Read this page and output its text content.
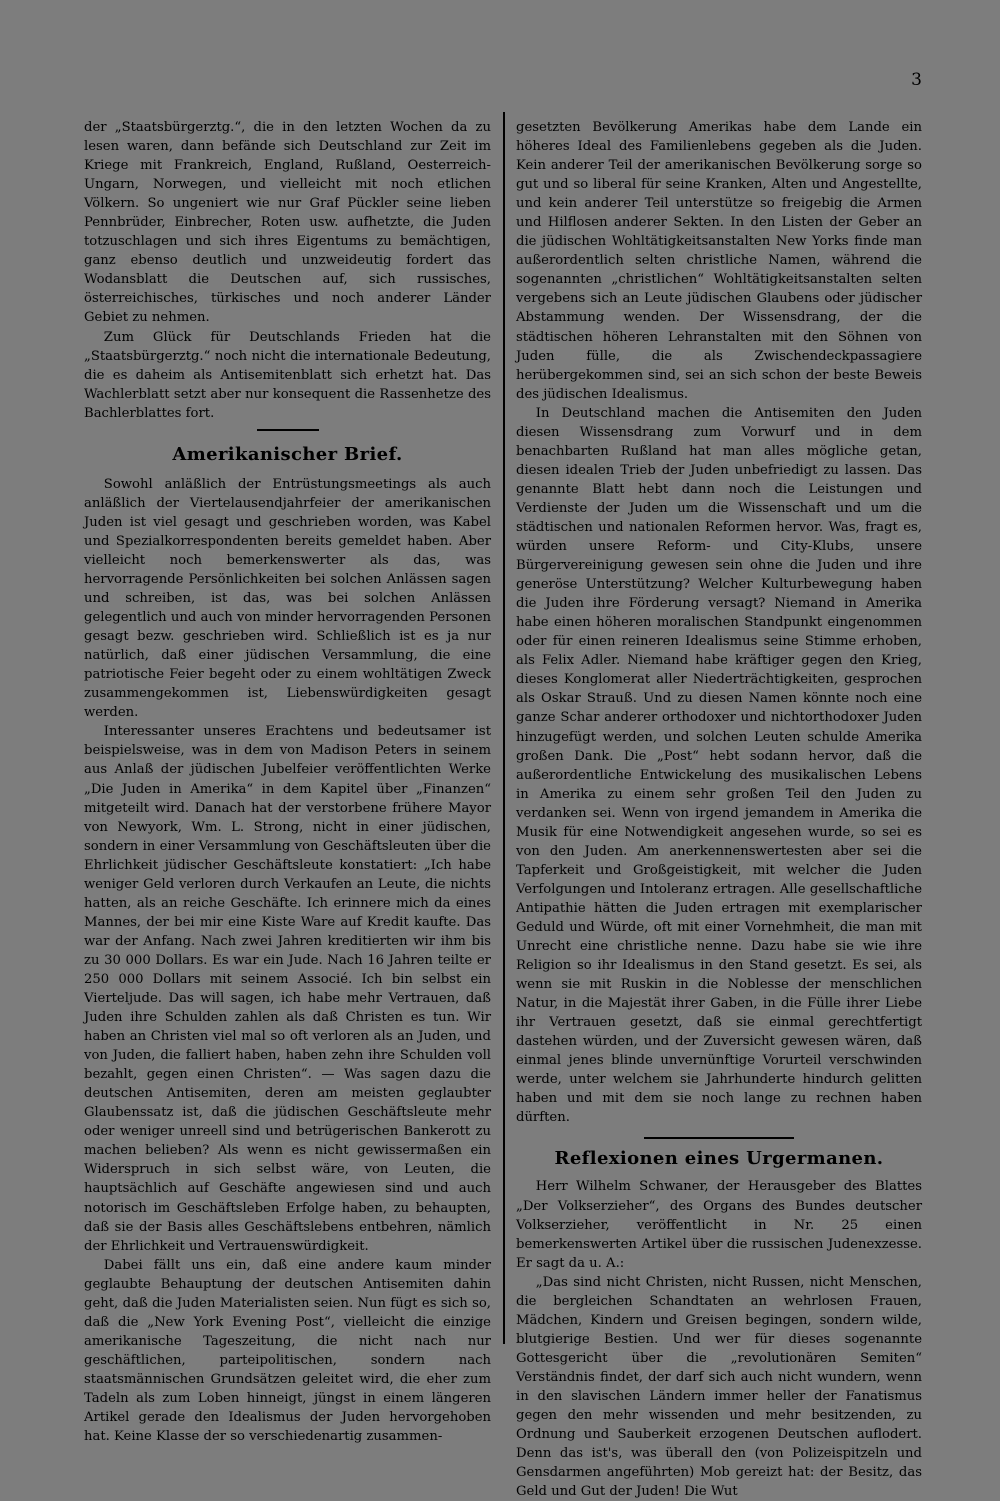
3

der „Staatsbürgerztg.“, die in den letzten Wochen da zu lesen waren, dann befände sich Deutschland zur Zeit im Kriege mit Frankreich, England, Rußland, Oesterreich-Ungarn, Norwegen, und vielleicht mit noch etlichen Völkern. So ungeniert wie nur Graf Pückler seine lieben Pennbrüder, Einbrecher, Roten usw. aufhetzte, die Juden totzuschlagen und sich ihres Eigentums zu bemächtigen, ganz ebenso deutlich und unzweideutig fordert das Wodansblatt die Deutschen auf, sich russisches, österreichisches, türkisches und noch anderer Länder Gebiet zu nehmen.

Zum Glück für Deutschlands Frieden hat die „Staatsbürgerztg.“ noch nicht die internationale Bedeutung, die es daheim als Antisemitenblatt sich erhetzt hat. Das Wachlerblatt setzt aber nur konsequent die Rassenhetze des Bachlerblattes fort.

Amerikanischer Brief.

Sowohl anläßlich der Entrüstungsmeetings als auch anläßlich der Viertelausendjahrfeier der amerikanischen Juden ist viel gesagt und geschrieben worden, was Kabel und Spezialkorrespondenten bereits gemeldet haben. Aber vielleicht noch bemerkenswerter als das, was hervorragende Persönlichkeiten bei solchen Anlässen sagen und schreiben, ist das, was bei solchen Anlässen gelegentlich und auch von minder hervorragenden Personen gesagt bezw. geschrieben wird. Schließlich ist es ja nur natürlich, daß einer jüdischen Versammlung, die eine patriotische Feier begeht oder zu einem wohltätigen Zweck zusammengekommen ist, Liebenswürdigkeiten gesagt werden.

Interessanter unseres Erachtens und bedeutsamer ist beispielsweise, was in dem von Madison Peters in seinem aus Anlaß der jüdischen Jubelfeier veröffentlichten Werke „Die Juden in Amerika“ in dem Kapitel über „Finanzen“ mitgeteilt wird. Danach hat der verstorbene frühere Mayor von Newyork, Wm. L. Strong, nicht in einer jüdischen, sondern in einer Versammlung von Geschäftsleuten über die Ehrlichkeit jüdischer Geschäftsleute konstatiert: „Ich habe weniger Geld verloren durch Verkaufen an Leute, die nichts hatten, als an reiche Geschäfte. Ich erinnere mich da eines Mannes, der bei mir eine Kiste Ware auf Kredit kaufte. Das war der Anfang. Nach zwei Jahren kreditierten wir ihm bis zu 30 000 Dollars. Es war ein Jude. Nach 16 Jahren teilte er 250 000 Dollars mit seinem Associé. Ich bin selbst ein Vierteljude. Das will sagen, ich habe mehr Vertrauen, daß Juden ihre Schulden zahlen als daß Christen es tun. Wir haben an Christen viel mal so oft verloren als an Juden, und von Juden, die falliert haben, haben zehn ihre Schulden voll bezahlt, gegen einen Christen“. — Was sagen dazu die deutschen Antisemiten, deren am meisten geglaubter Glaubenssatz ist, daß die jüdischen Geschäftsleute mehr oder weniger unreell sind und betrügerischen Bankerott zu machen belieben? Als wenn es nicht gewissermaßen ein Widerspruch in sich selbst wäre, von Leuten, die hauptsächlich auf Geschäfte angewiesen sind und auch notorisch im Geschäftsleben Erfolge haben, zu behaupten, daß sie der Basis alles Geschäftslebens entbehren, nämlich der Ehrlichkeit und Vertrauenswürdigkeit.

Dabei fällt uns ein, daß eine andere kaum minder geglaubte Behauptung der deutschen Antisemiten dahin geht, daß die Juden Materialisten seien. Nun fügt es sich so, daß die „New York Evening Post“, vielleicht die einzige amerikanische Tageszeitung, die nicht nach nur geschäftlichen, parteipolitischen, sondern nach staatsmännischen Grundsätzen geleitet wird, die eher zum Tadeln als zum Loben hinneigt, jüngst in einem längeren Artikel gerade den Idealismus der Juden hervorgehoben hat. Keine Klasse der so verschiedenartig zusammen-

gesetzten Bevölkerung Amerikas habe dem Lande ein höheres Ideal des Familienlebens gegeben als die Juden. Kein anderer Teil der amerikanischen Bevölkerung sorge so gut und so liberal für seine Kranken, Alten und Angestellte, und kein anderer Teil unterstütze so freigebig die Armen und Hilflosen anderer Sekten. In den Listen der Geber an die jüdischen Wohltätigkeitsanstalten New Yorks finde man außerordentlich selten christliche Namen, während die sogenannten „christlichen“ Wohltätigkeitsanstalten selten vergebens sich an Leute jüdischen Glaubens oder jüdischer Abstammung wenden. Der Wissensdrang, der die städtischen höheren Lehranstalten mit den Söhnen von Juden fülle, die als Zwischendeckpassagiere herübergekommen sind, sei an sich schon der beste Beweis des jüdischen Idealismus.

In Deutschland machen die Antisemiten den Juden diesen Wissensdrang zum Vorwurf und in dem benachbarten Rußland hat man alles mögliche getan, diesen idealen Trieb der Juden unbefriedigt zu lassen. Das genannte Blatt hebt dann noch die Leistungen und Verdienste der Juden um die Wissenschaft und um die städtischen und nationalen Reformen hervor. Was, fragt es, würden unsere Reform- und City-Klubs, unsere Bürgervereinigung gewesen sein ohne die Juden und ihre generöse Unterstützung? Welcher Kulturbewegung haben die Juden ihre Förderung versagt? Niemand in Amerika habe einen höheren moralischen Standpunkt eingenommen oder für einen reineren Idealismus seine Stimme erhoben, als Felix Adler. Niemand habe kräftiger gegen den Krieg, dieses Konglomerat aller Niederträchtigkeiten, gesprochen als Oskar Strauß. Und zu diesen Namen könnte noch eine ganze Schar anderer orthodoxer und nichtorthodoxer Juden hinzugefügt werden, und solchen Leuten schulde Amerika großen Dank. Die „Post“ hebt sodann hervor, daß die außerordentliche Entwickelung des musikalischen Lebens in Amerika zu einem sehr großen Teil den Juden zu verdanken sei. Wenn von irgend jemandem in Amerika die Musik für eine Notwendigkeit angesehen wurde, so sei es von den Juden. Am anerkennenswertesten aber sei die Tapferkeit und Großgeistigkeit, mit welcher die Juden Verfolgungen und Intoleranz ertragen. Alle gesellschaftliche Antipathie hätten die Juden ertragen mit exemplarischer Geduld und Würde, oft mit einer Vornehmheit, die man mit Unrecht eine christliche nenne. Dazu habe sie wie ihre Religion so ihr Idealismus in den Stand gesetzt. Es sei, als wenn sie mit Ruskin in die Noblesse der menschlichen Natur, in die Majestät ihrer Gaben, in die Fülle ihrer Liebe ihr Vertrauen gesetzt, daß sie einmal gerechtfertigt dastehen würden, und der Zuversicht gewesen wären, daß einmal jenes blinde unvernünftige Vorurteil verschwinden werde, unter welchem sie Jahrhunderte hindurch gelitten haben und mit dem sie noch lange zu rechnen haben dürften.

Reflexionen eines Urgermanen.

Herr Wilhelm Schwaner, der Herausgeber des Blattes „Der Volkserzieher“, des Organs des Bundes deutscher Volkserzieher, veröffentlicht in Nr. 25 einen bemerkenswerten Artikel über die russischen Judenexzesse. Er sagt da u. A.:

„Das sind nicht Christen, nicht Russen, nicht Menschen, die bergleichen Schandtaten an wehrlosen Frauen, Mädchen, Kindern und Greisen begingen, sondern wilde, blutgierige Bestien. Und wer für dieses sogenannte Gottesgericht über die „revolutionären Semiten“ Verständnis findet, der darf sich auch nicht wundern, wenn in den slavischen Ländern immer heller der Fanatismus gegen den mehr wissenden und mehr besitzenden, zu Ordnung und Sauberkeit erzogenen Deutschen auflodert. Denn das ist's, was überall den (von Polizeispitzeln und Gensdarmen angeführten) Mob gereizt hat: der Besitz, das Geld und Gut der Juden! Die Wut
